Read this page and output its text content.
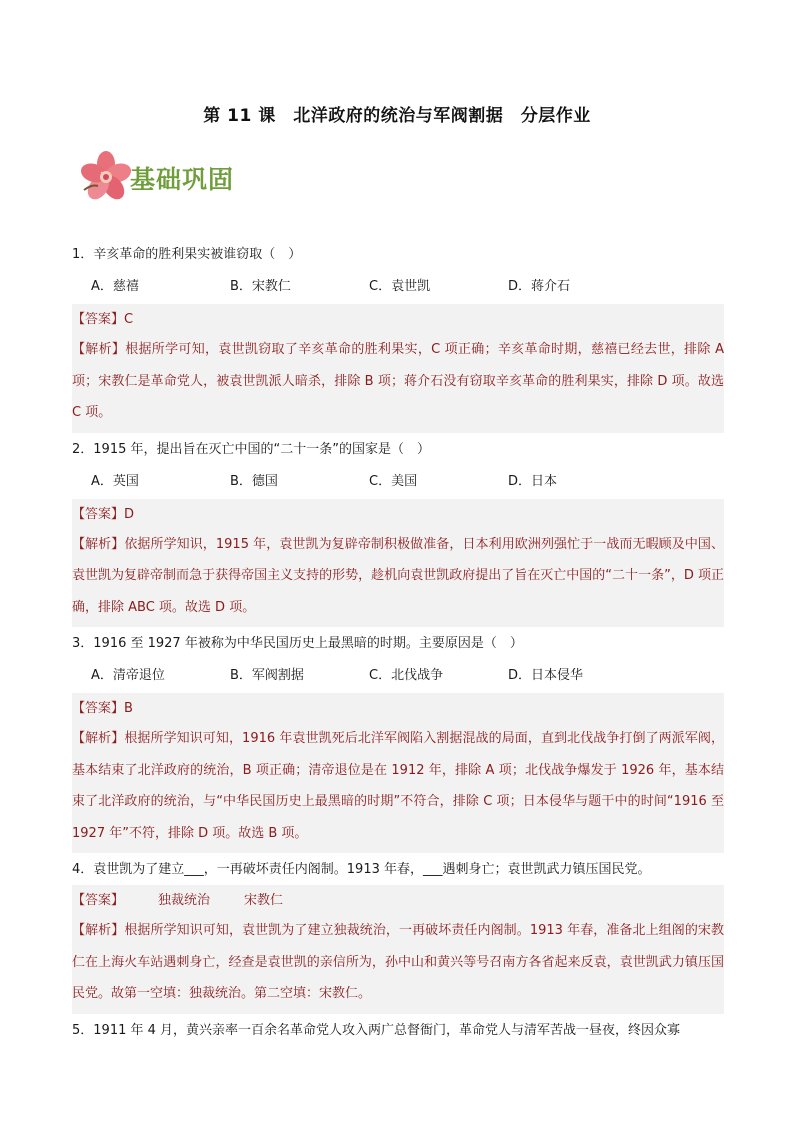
第 11 课　北洋政府的统治与军阀割据　分层作业
基础巩固

1．辛亥革命的胜利果实被谁窃取（　）

A．慈禧	B．宋教仁	C．袁世凯	D．蒋介石

【答案】C

【解析】根据所学可知，袁世凯窃取了辛亥革命的胜利果实，C 项正确；辛亥革命时期，慈禧已经去世，排除 A 项；宋教仁是革命党人，被袁世凯派人暗杀，排除 B 项；蒋介石没有窃取辛亥革命的胜利果实，排除 D 项。故选 C 项。

2．1915 年，提出旨在灭亡中国的“二十一条”的国家是（　）

A．英国	B．德国	C．美国	D．日本

【答案】D

【解析】依据所学知识，1915 年，袁世凯为复辟帝制积极做准备，日本利用欧洲列强忙于一战而无暇顾及中国、袁世凯为复辟帝制而急于获得帝国主义支持的形势，趁机向袁世凯政府提出了旨在灭亡中国的“二十一条”，D 项正确，排除 ABC 项。故选 D 项。

3．1916 至 1927 年被称为中华民国历史上最黑暗的时期。主要原因是（　）

A．清帝退位	B．军阀割据	C．北伐战争	D．日本侵华

【答案】B

【解析】根据所学知识可知，1916 年袁世凯死后北洋军阀陷入割据混战的局面，直到北伐战争打倒了两派军阀，基本结束了北洋政府的统治，B 项正确；清帝退位是在 1912 年，排除 A 项；北伐战争爆发于 1926 年，基本结束了北洋政府的统治，与“中华民国历史上最黑暗的时期”不符合，排除 C 项；日本侵华与题干中的时间“1916 至 1927 年”不符，排除 D 项。故选 B 项。

4．袁世凯为了建立___，一再破坏责任内阁制。1913 年春，___遇刺身亡；袁世凯武力镇压国民党。

【答案】	独裁统治	宋教仁

【解析】根据所学知识可知，袁世凯为了建立独裁统治，一再破坏责任内阁制。1913 年春，准备北上组阁的宋教仁在上海火车站遇刺身亡，经查是袁世凯的亲信所为，孙中山和黄兴等号召南方各省起来反袁，袁世凯武力镇压国民党。故第一空填：独裁统治。第二空填：宋教仁。

5．1911 年 4 月，黄兴亲率一百余名革命党人攻入两广总督衙门，革命党人与清军苦战一昼夜，终因众寡
